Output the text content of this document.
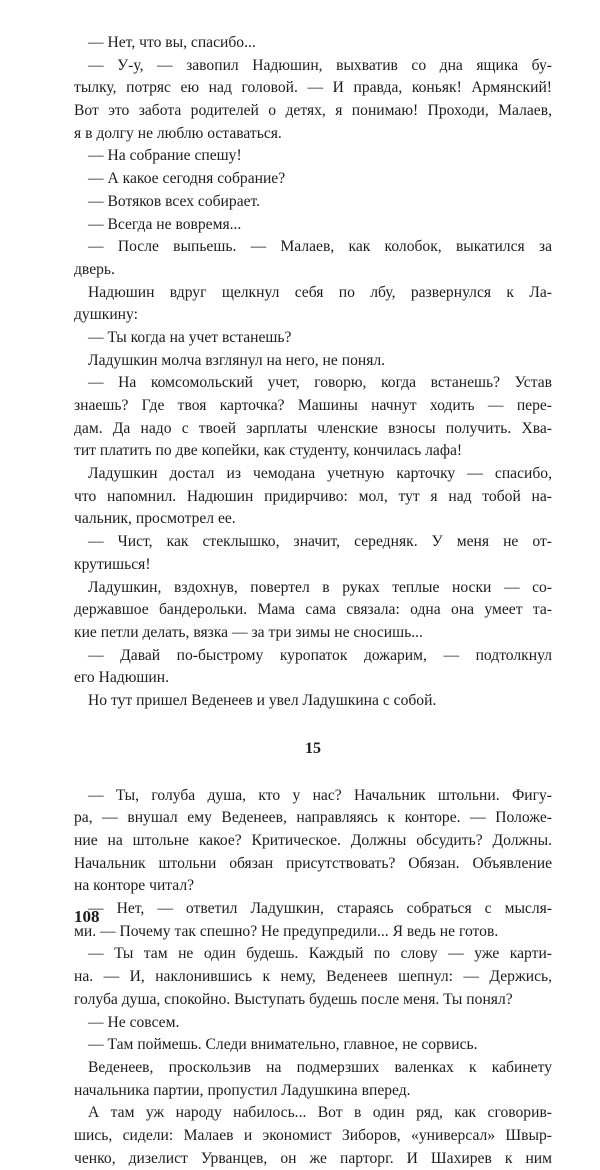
— Нет, что вы, спасибо...
— У-у, — завопил Надюшин, выхватив со дна ящика бу-
тылку, потряс ею над головой. — И правда, коньяк! Армянский!
Вот это забота родителей о детях, я понимаю! Проходи, Малаев,
я в долгу не люблю оставаться.
— На собрание спешу!
— А какое сегодня собрание?
— Вотяков всех собирает.
— Всегда не вовремя...
— После выпьешь. — Малаев, как колобок, выкатился за
дверь.
Надюшин вдруг щелкнул себя по лбу, развернулся к Ла-
душкину:
— Ты когда на учет встанешь?
Ладушкин молча взглянул на него, не понял.
— На комсомольский учет, говорю, когда встанешь? Устав
знаешь? Где твоя карточка? Машины начнут ходить — пере-
дам. Да надо с твоей зарплаты членские взносы получить. Хва-
тит платить по две копейки, как студенту, кончилась лафа!
Ладушкин достал из чемодана учетную карточку — спасибо,
что напомнил. Надюшин придирчиво: мол, тут я над тобой на-
чальник, просмотрел ее.
— Чист, как стеклышко, значит, середняк. У меня не от-
крутишься!
Ладушкин, вздохнув, повертел в руках теплые носки — со-
державшое бандерольки. Мама сама связала: одна она умеет та-
кие петли делать, вязка — за три зимы не сносишь...
— Давай по-быстрому куропаток дожарим, — подтолкнул
его Надюшин.
Но тут пришел Веденеев и увел Ладушкина с собой.
15
— Ты, голуба душа, кто у нас? Начальник штольни. Фигу-
ра, — внушал ему Веденеев, направляясь к конторе. — Положе-
ние на штольне какое? Критическое. Должны обсудить? Должны.
Начальник штольни обязан присутствовать? Обязан. Объявление
на конторе читал?
— Нет, — ответил Ладушкин, стараясь собраться с мысля-
ми. — Почему так спешно? Не предупредили... Я ведь не готов.
— Ты там не один будешь. Каждый по слову — уже карти-
на. — И, наклонившись к нему, Веденеев шепнул: — Держись,
голуба душа, спокойно. Выступать будешь после меня. Ты понял?
— Не совсем.
— Там поймешь. Следи внимательно, главное, не сорвись.
Веденеев, проскользив на подмерзших валенках к кабинету
начальника партии, пропустил Ладушкина вперед.
А там уж народу набилось... Вот в один ряд, как сговорив-
шись, сидели: Малаев и экономист Зиборов, «универсал» Швыр-
ченко, дизелист Урванцев, он же парторг. И Шахирев к ним
108
